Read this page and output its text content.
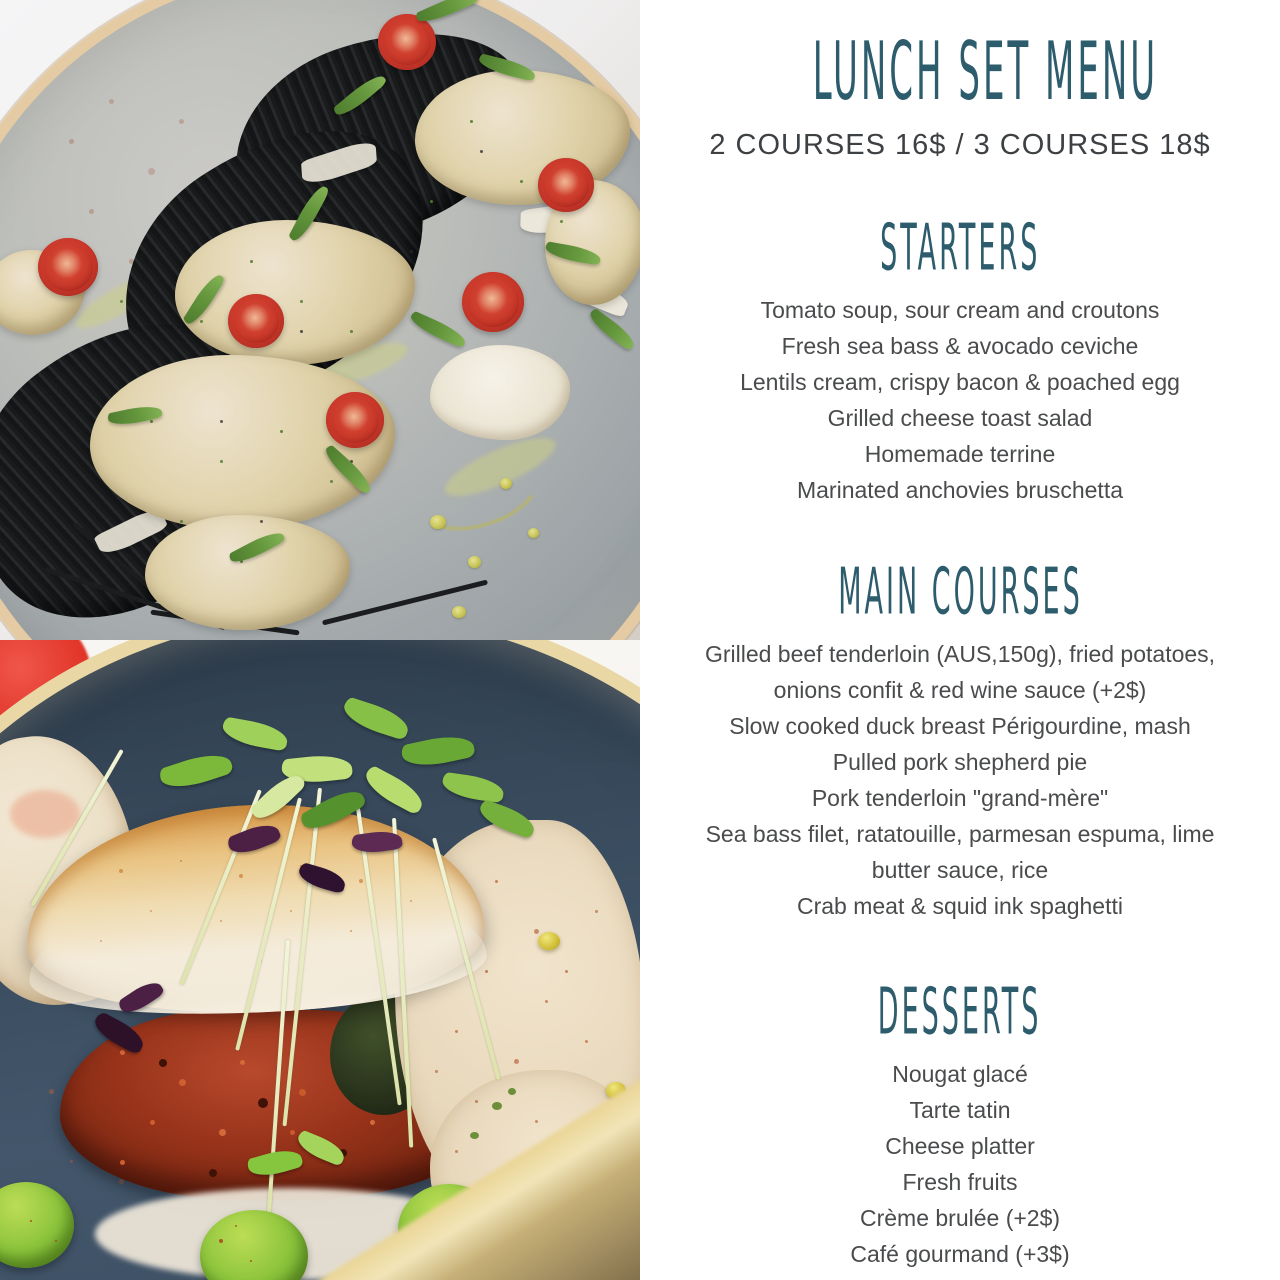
LUNCH SET MENU
2 COURSES 16$ / 3 COURSES 18$
STARTERS

Tomato soup, sour cream and croutons

Fresh sea bass & avocado ceviche

Lentils cream, crispy bacon & poached egg

Grilled cheese toast salad

Homemade terrine

Marinated anchovies bruschetta

MAIN COURSES

Grilled beef tenderloin (AUS,150g), fried potatoes, onions confit & red wine sauce (+2$)

Slow cooked duck breast Périgourdine, mash

Pulled pork shepherd pie

Pork tenderloin "grand-mère"

Sea bass filet, ratatouille, parmesan espuma, lime butter sauce, rice

Crab meat & squid ink spaghetti

DESSERTS

Nougat glacé

Tarte tatin

Cheese platter

Fresh fruits

Crème brulée (+2$)

Café gourmand (+3$)
